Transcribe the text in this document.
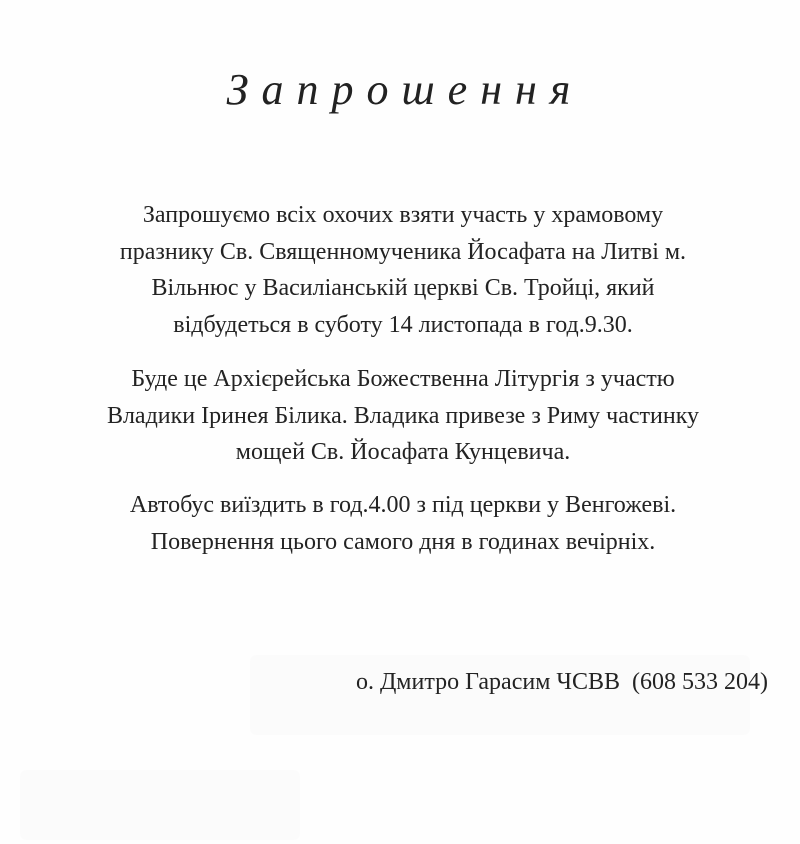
Запрошення

Запрошуємо всіх охочих взяти участь у храмовому
празнику Св. Священномученика Йосафата на Литві м.
Вільнюс у Василіанській церкві Св. Тройці, який
відбудеться в суботу 14 листопада в год.9.30.

Буде це Архієрейська Божественна Літургія з участю
Владики Іринея Білика. Владика привезе з Риму частинку
мощей Св. Йосафата Кунцевича.

Автобус виїздить в год.4.00 з під церкви у Венгожеві.
Повернення цього самого дня в годинах вечірніх.

о. Дмитро Гарасим ЧСВВ  (608 533 204)
